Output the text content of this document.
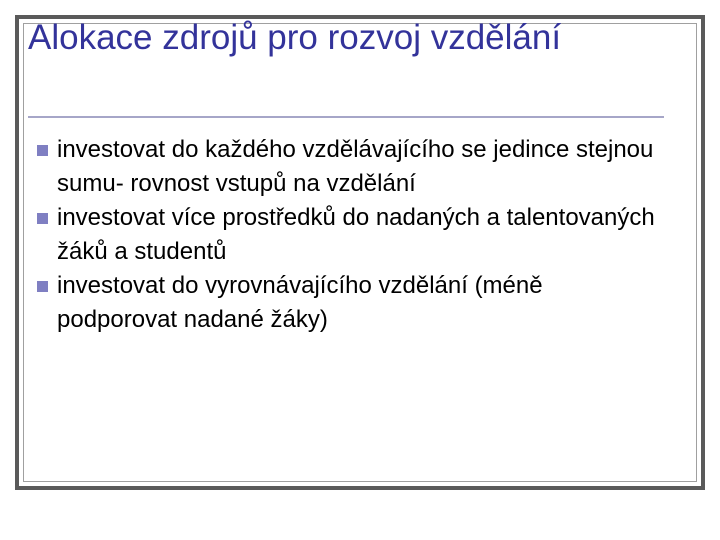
Alokace zdrojů pro rozvoj vzdělání
investovat do každého vzdělávajícího se jedince stejnou sumu- rovnost vstupů na vzdělání
investovat více prostředků do nadaných a talentovaných žáků a studentů
investovat do vyrovnávajícího vzdělání (méně podporovat nadané žáky)
